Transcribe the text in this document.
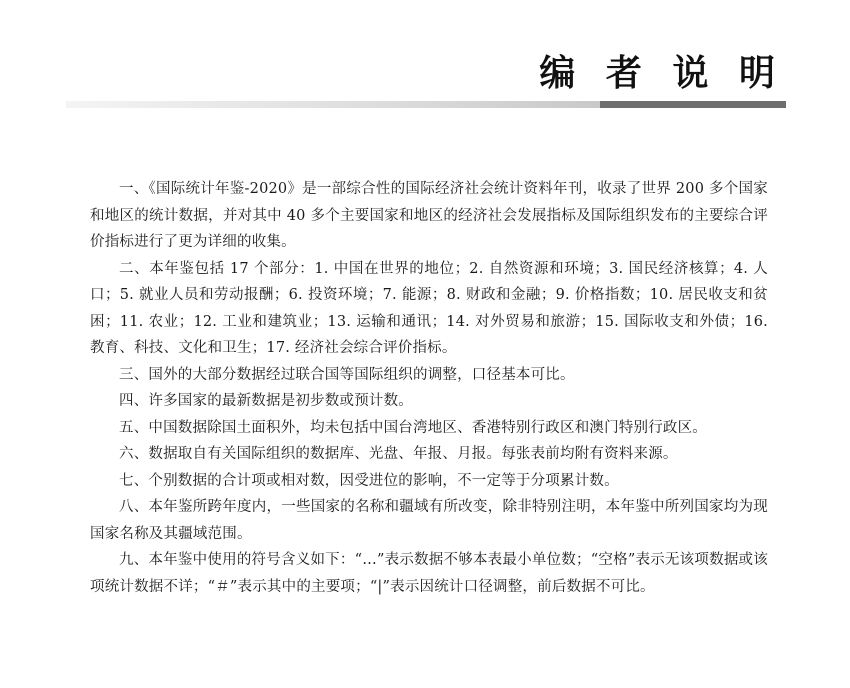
编 者 说 明

一、《国际统计年鉴-2020》是一部综合性的国际经济社会统计资料年刊，收录了世界 200 多个国家和地区的统计数据，并对其中 40 多个主要国家和地区的经济社会发展指标及国际组织发布的主要综合评价指标进行了更为详细的收集。

二、本年鉴包括 17 个部分：1. 中国在世界的地位；2. 自然资源和环境；3. 国民经济核算；4. 人口；5. 就业人员和劳动报酬；6. 投资环境；7. 能源；8. 财政和金融；9. 价格指数；10. 居民收支和贫困；11. 农业；12. 工业和建筑业；13. 运输和通讯；14. 对外贸易和旅游；15. 国际收支和外债；16. 教育、科技、文化和卫生；17. 经济社会综合评价指标。

三、国外的大部分数据经过联合国等国际组织的调整，口径基本可比。

四、许多国家的最新数据是初步数或预计数。

五、中国数据除国土面积外，均未包括中国台湾地区、香港特别行政区和澳门特别行政区。

六、数据取自有关国际组织的数据库、光盘、年报、月报。每张表前均附有资料来源。

七、个别数据的合计项或相对数，因受进位的影响，不一定等于分项累计数。

八、本年鉴所跨年度内，一些国家的名称和疆域有所改变，除非特别注明，本年鉴中所列国家均为现国家名称及其疆域范围。

九、本年鉴中使用的符号含义如下：“…”表示数据不够本表最小单位数；“空格”表示无该项数据或该项统计数据不详；“＃”表示其中的主要项；“|”表示因统计口径调整，前后数据不可比。
